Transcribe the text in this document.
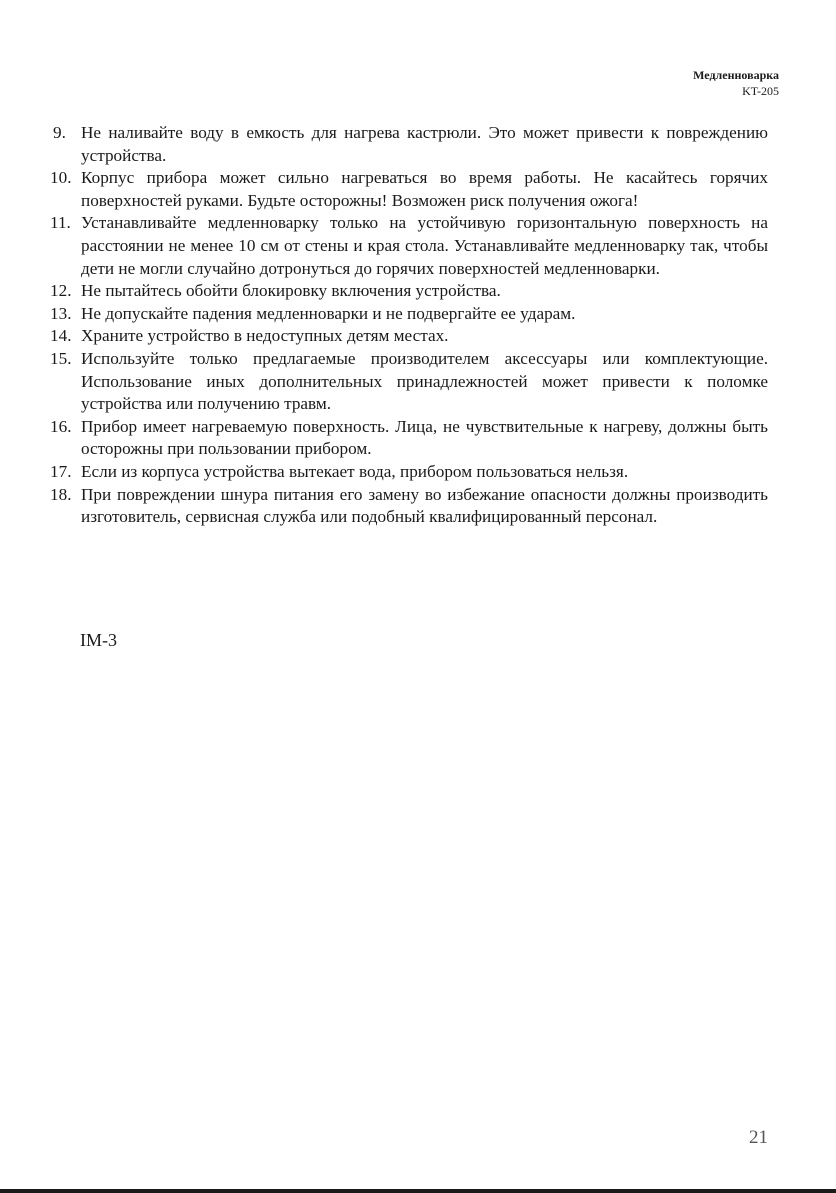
Медленноварка
KT-205
9. Не наливайте воду в емкость для нагрева кастрюли. Это может привести к повреждению устройства.
10. Корпус прибора может сильно нагреваться во время работы. Не касайтесь горячих поверхностей руками. Будьте осторожны! Возможен риск получения ожога!
11. Устанавливайте медленноварку только на устойчивую горизонтальную поверхность на расстоянии не менее 10 см от стены и края стола. Устанавливайте медленноварку так, чтобы дети не могли случайно дотронуться до горячих поверхностей медленноварки.
12. Не пытайтесь обойти блокировку включения устройства.
13. Не допускайте падения медленноварки и не подвергайте ее ударам.
14. Храните устройство в недоступных детям местах.
15. Используйте только предлагаемые производителем аксессуары или комплектующие. Использование иных дополнительных принадлежностей может привести к поломке устройства или получению травм.
16. Прибор имеет нагреваемую поверхность. Лица, не чувствительные к нагреву, должны быть осторожны при пользовании прибором.
17. Если из корпуса устройства вытекает вода, прибором пользоваться нельзя.
18. При повреждении шнура питания его замену во избежание опасности должны производить изготовитель, сервисная служба или подобный квалифицированный персонал.
IM-3
21
